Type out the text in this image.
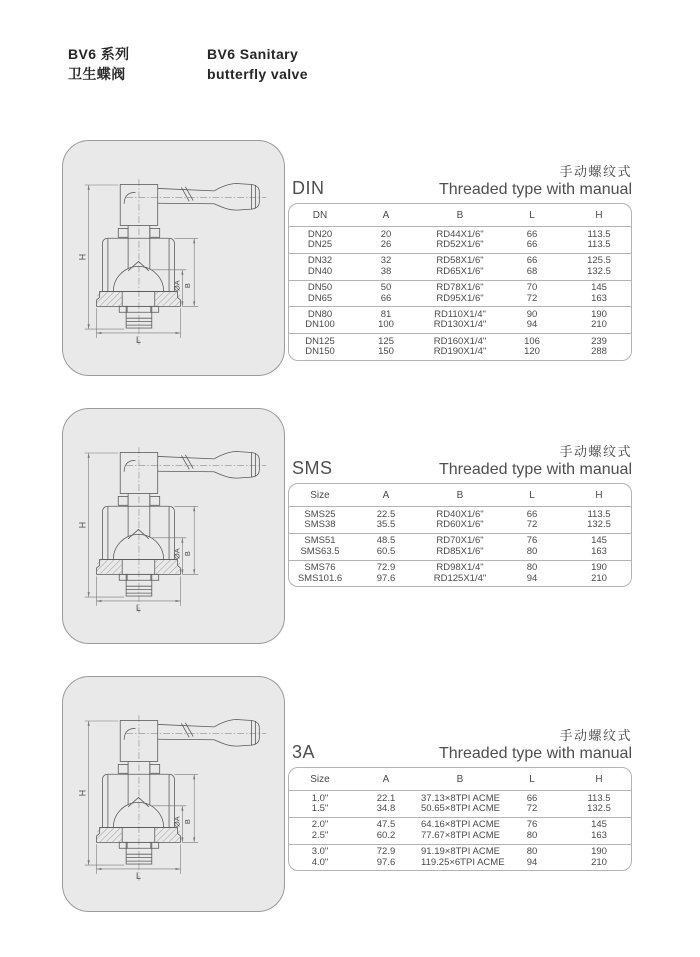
BV6 系列
卫生蝶阀
BV6 Sanitary
butterfly valve
手动螺纹式
DIN	Threaded type with manual
DN	A	B	L	H
DN20	20	RD44X1/6"	66	113.5
DN25	26	RD52X1/6"	66	113.5
DN32	32	RD58X1/6"	66	125.5
DN40	38	RD65X1/6"	68	132.5
DN50	50	RD78X1/6"	70	145
DN65	66	RD95X1/6"	72	163
DN80	81	RD110X1/4"	90	190
DN100	100	RD130X1/4"	94	210
DN125	125	RD160X1/4"	106	239
DN150	150	RD190X1/4"	120	288
手动螺纹式
SMS	Threaded type with manual
Size	A	B	L	H
SMS25	22.5	RD40X1/6"	66	113.5
SMS38	35.5	RD60X1/6"	72	132.5
SMS51	48.5	RD70X1/6"	76	145
SMS63.5	60.5	RD85X1/6"	80	163
SMS76	72.9	RD98X1/4"	80	190
SMS101.6	97.6	RD125X1/4"	94	210
手动螺纹式
3A	Threaded type with manual
Size	A	B	L	H
1.0"	22.1	37.13×8TPI ACME	66	113.5
1.5"	34.8	50.65×8TPI ACME	72	132.5
2.0"	47.5	64.16×8TPI ACME	76	145
2.5"	60.2	77.67×8TPI ACME	80	163
3.0"	72.9	91.19×8TPI ACME	80	190
4.0"	97.6	119.25×6TPI ACME	94	210
